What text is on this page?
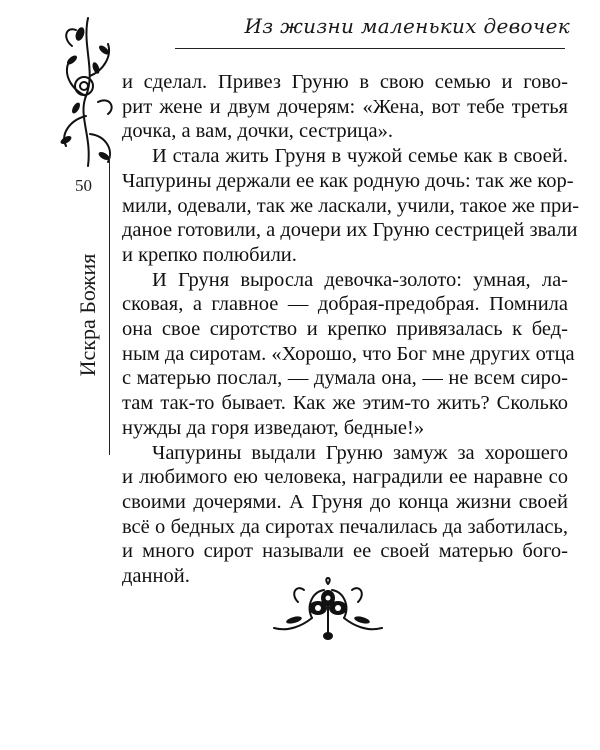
Из жизни маленьких девочек
50
Искра Божия

и сделал. Привез Груню в свою семью и гово-
рит жене и двум дочерям: «Жена, вот тебе третья
дочка, а вам, дочки, сестрица».

И стала жить Груня в чужой семье как в своей.
Чапурины держали ее как родную дочь: так же кор-
мили, одевали, так же ласкали, учили, такое же при-
даное готовили, а дочери их Груню сестрицей звали
и крепко полюбили.

И Груня выросла девочка-золото: умная, ла-
сковая, а главное — добрая-предобрая. Помнила
она свое сиротство и крепко привязалась к бед-
ным да сиротам. «Хорошо, что Бог мне других отца
с матерью послал, — думала она, — не всем сиро-
там так-то бывает. Как же этим-то жить? Сколько
нужды да горя изведают, бедные!»

Чапурины выдали Груню замуж за хорошего
и любимого ею человека, наградили ее наравне со
своими дочерями. А Груня до конца жизни своей
всё о бедных да сиротах печалилась да заботилась,
и много сирот называли ее своей матерью бого-
данной.
